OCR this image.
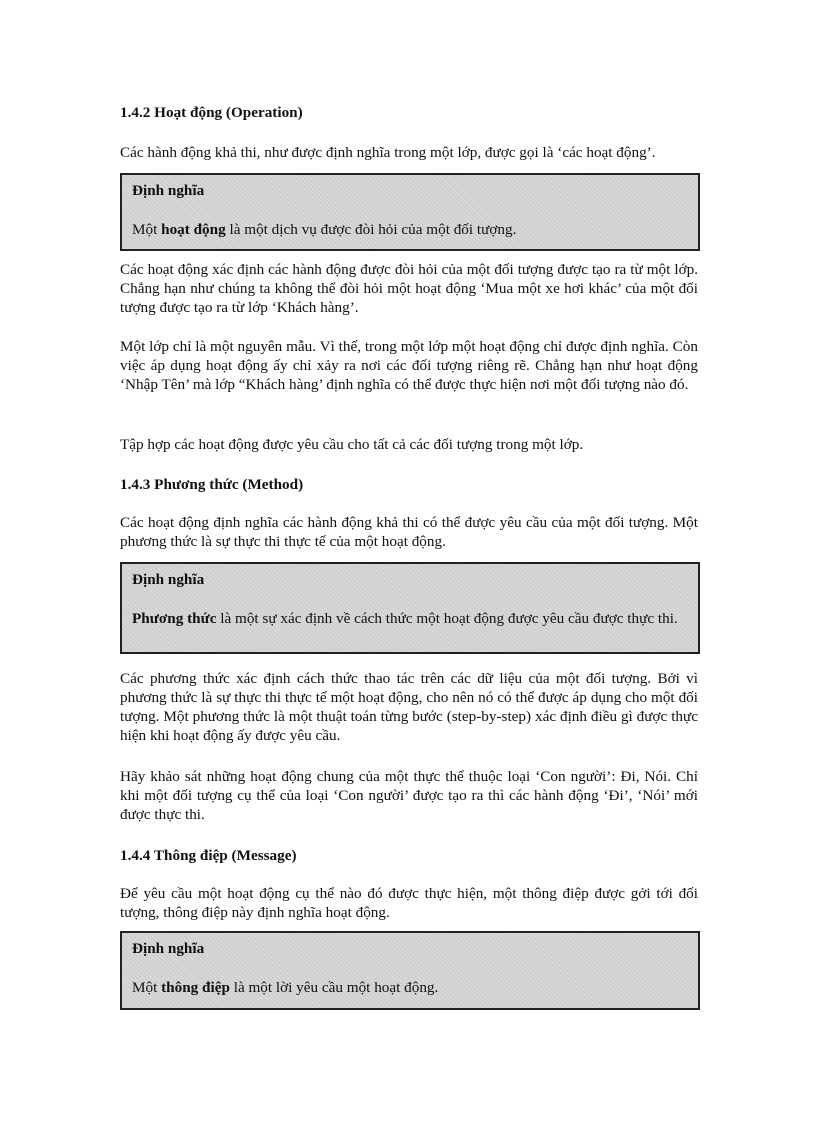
1.4.2 Hoạt động (Operation)

Các hành động khả thi, như được định nghĩa trong một lớp, được gọi là ‘các hoạt động’.

Định nghĩa

Một hoạt động là một dịch vụ được đòi hỏi của một đối tượng.

Các hoạt động xác định các hành động được đòi hỏi của một đối tượng được tạo ra từ một lớp. Chẳng hạn như chúng ta không thể đòi hỏi một hoạt động ‘Mua một xe hơi khác’ của một đối tượng được tạo ra từ lớp ‘Khách hàng’.

Một lớp chỉ là một nguyên mẫu. Vì thế, trong một lớp một hoạt động chỉ được định nghĩa. Còn việc áp dụng hoạt động ấy chỉ xảy ra nơi các đối tượng riêng rẽ. Chẳng hạn như hoạt động ‘Nhập Tên’ mà lớp “Khách hàng’ định nghĩa có thể được thực hiện nơi một đối tượng nào đó.

Tập hợp các hoạt động được yêu cầu cho tất cả các đối tượng trong một lớp.

1.4.3 Phương thức (Method)

Các hoạt động định nghĩa các hành động khả thi có thể được yêu cầu của một đối tượng. Một phương thức là sự thực thi thực tế của một hoạt động.

Định nghĩa

Phương thức là một sự xác định về cách thức một hoạt động được yêu cầu được thực thi.

Các phương thức xác định cách thức thao tác trên các dữ liệu của một đối tượng. Bởi vì phương thức là sự thực thi thực tế một hoạt động, cho nên nó có thể được áp dụng cho một đối tượng. Một phương thức là một thuật toán từng bước (step-by-step) xác định điều gì được thực hiện khi hoạt động ấy được yêu cầu.

Hãy khảo sát những hoạt động chung của một thực thể thuộc loại ‘Con người’: Đi, Nói. Chỉ khi một đối tượng cụ thể của loại ‘Con người’ được tạo ra thì các hành động ‘Đi’, ‘Nói’ mới được thực thi.

1.4.4 Thông điệp (Message)

Để yêu cầu một hoạt động cụ thể nào đó được thực hiện, một thông điệp được gởi tới đối tượng, thông điệp này định nghĩa hoạt động.

Định nghĩa

Một thông điệp là một lời yêu cầu một hoạt động.
